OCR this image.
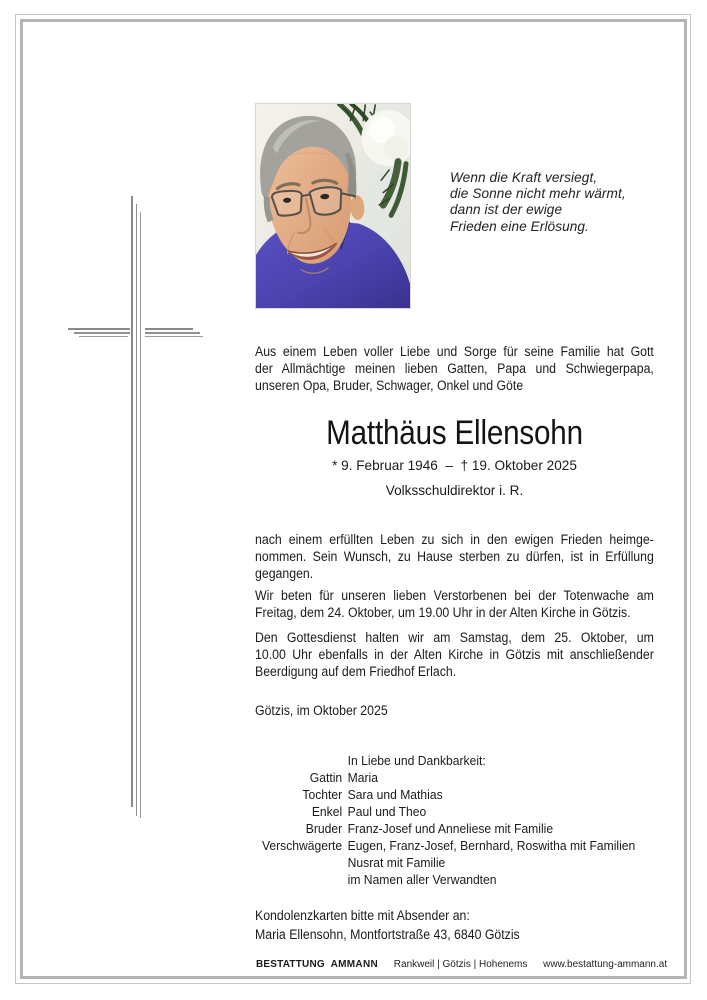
Wenn die Kraft versiegt,
die Sonne nicht mehr wärmt,
dann ist der ewige
Frieden eine Erlösung.
Aus einem Leben voller Liebe und Sorge für seine Familie hat Gott
der Allmächtige meinen lieben Gatten, Papa und Schwiegerpapa,
unseren Opa, Bruder, Schwager, Onkel und Göte
Matthäus Ellensohn
* 9. Februar 1946  –  † 19. Oktober 2025
Volksschuldirektor i. R.
nach einem erfüllten Leben zu sich in den ewigen Frieden heimge-
nommen. Sein Wunsch, zu Hause sterben zu dürfen, ist in Erfüllung
gegangen.
Wir beten für unseren lieben Verstorbenen bei der Totenwache am
Freitag, dem 24. Oktober, um 19.00 Uhr in der Alten Kirche in Götzis.
Den Gottesdienst halten wir am Samstag, dem 25. Oktober, um
10.00 Uhr ebenfalls in der Alten Kirche in Götzis mit anschließender
Beerdigung auf dem Friedhof Erlach.
Götzis, im Oktober 2025
In Liebe und Dankbarkeit:
Gattin Maria
Tochter Sara und Mathias
Enkel Paul und Theo
Bruder Franz-Josef und Anneliese mit Familie
Verschwägerte Eugen, Franz-Josef, Bernhard, Roswitha mit Familien
Nusrat mit Familie
im Namen aller Verwandten
Kondolenzkarten bitte mit Absender an:
Maria Ellensohn, Montfortstraße 43, 6840 Götzis
BESTATTUNG AMMANN Rankweil | Götzis | Hohenems www.bestattung-ammann.at
